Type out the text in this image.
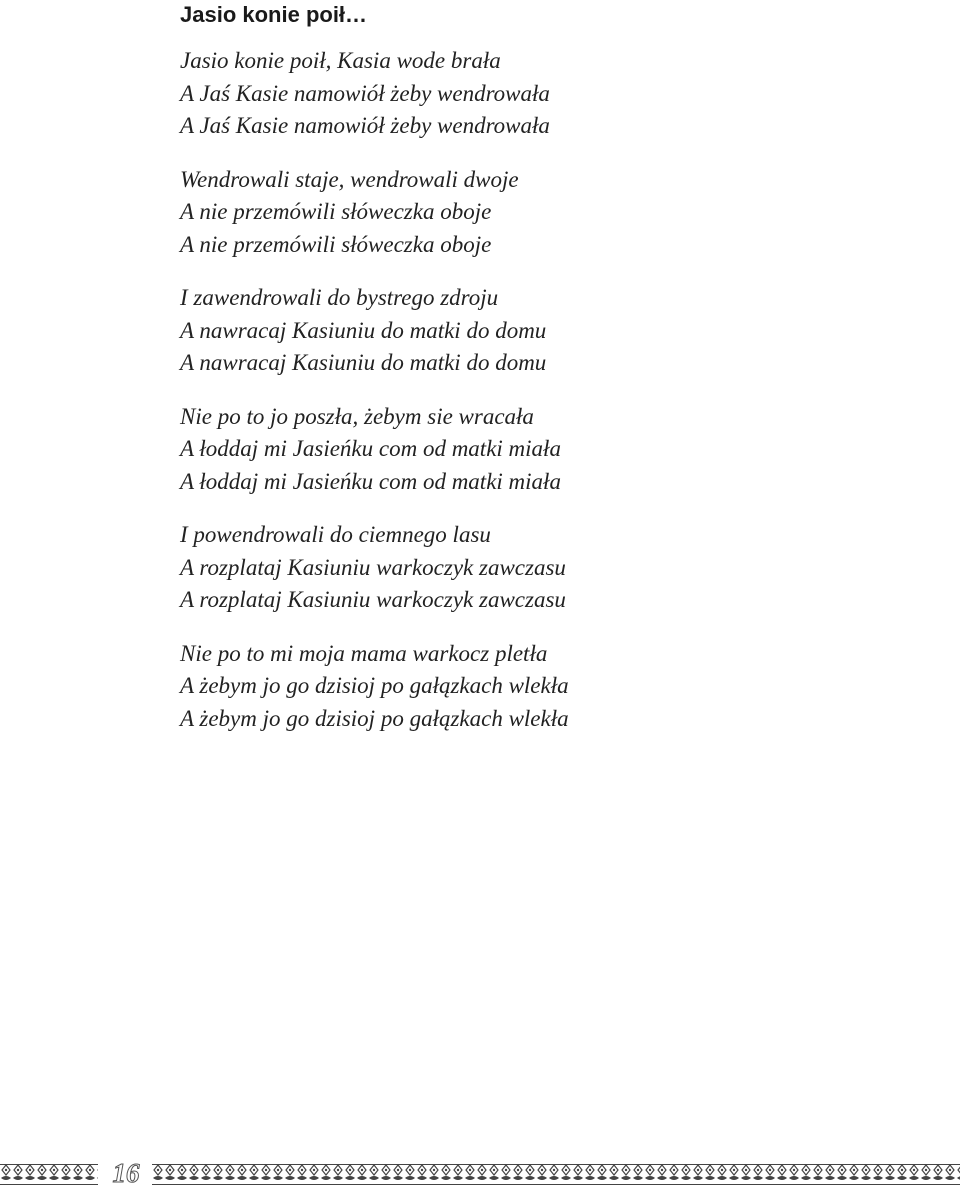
Jasio konie poił…
Jasio konie poił, Kasia wode brała
A Jaś Kasie namowiół żeby wendrowała
A Jaś Kasie namowiół żeby wendrowała
Wendrowali staje, wendrowali dwoje
A nie przemówili słóweczka oboje
A nie przemówili słóweczka oboje
I zawendrowali do bystrego zdroju
A nawracaj Kasiuniu do matki do domu
A nawracaj Kasiuniu do matki do domu
Nie po to jo poszła, żebym sie wracała
A łoddaj mi Jasieńku com od matki miała
A łoddaj mi Jasieńku com od matki miała
I powendrowali do ciemnego lasu
A rozplataj Kasiuniu warkoczyk zawczasu
A rozplataj Kasiuniu warkoczyk zawczasu
Nie po to mi moja mama warkocz pletła
A żebym jo go dzisioj po gałązkach wlekła
A żebym jo go dzisioj po gałązkach wlekła
16
